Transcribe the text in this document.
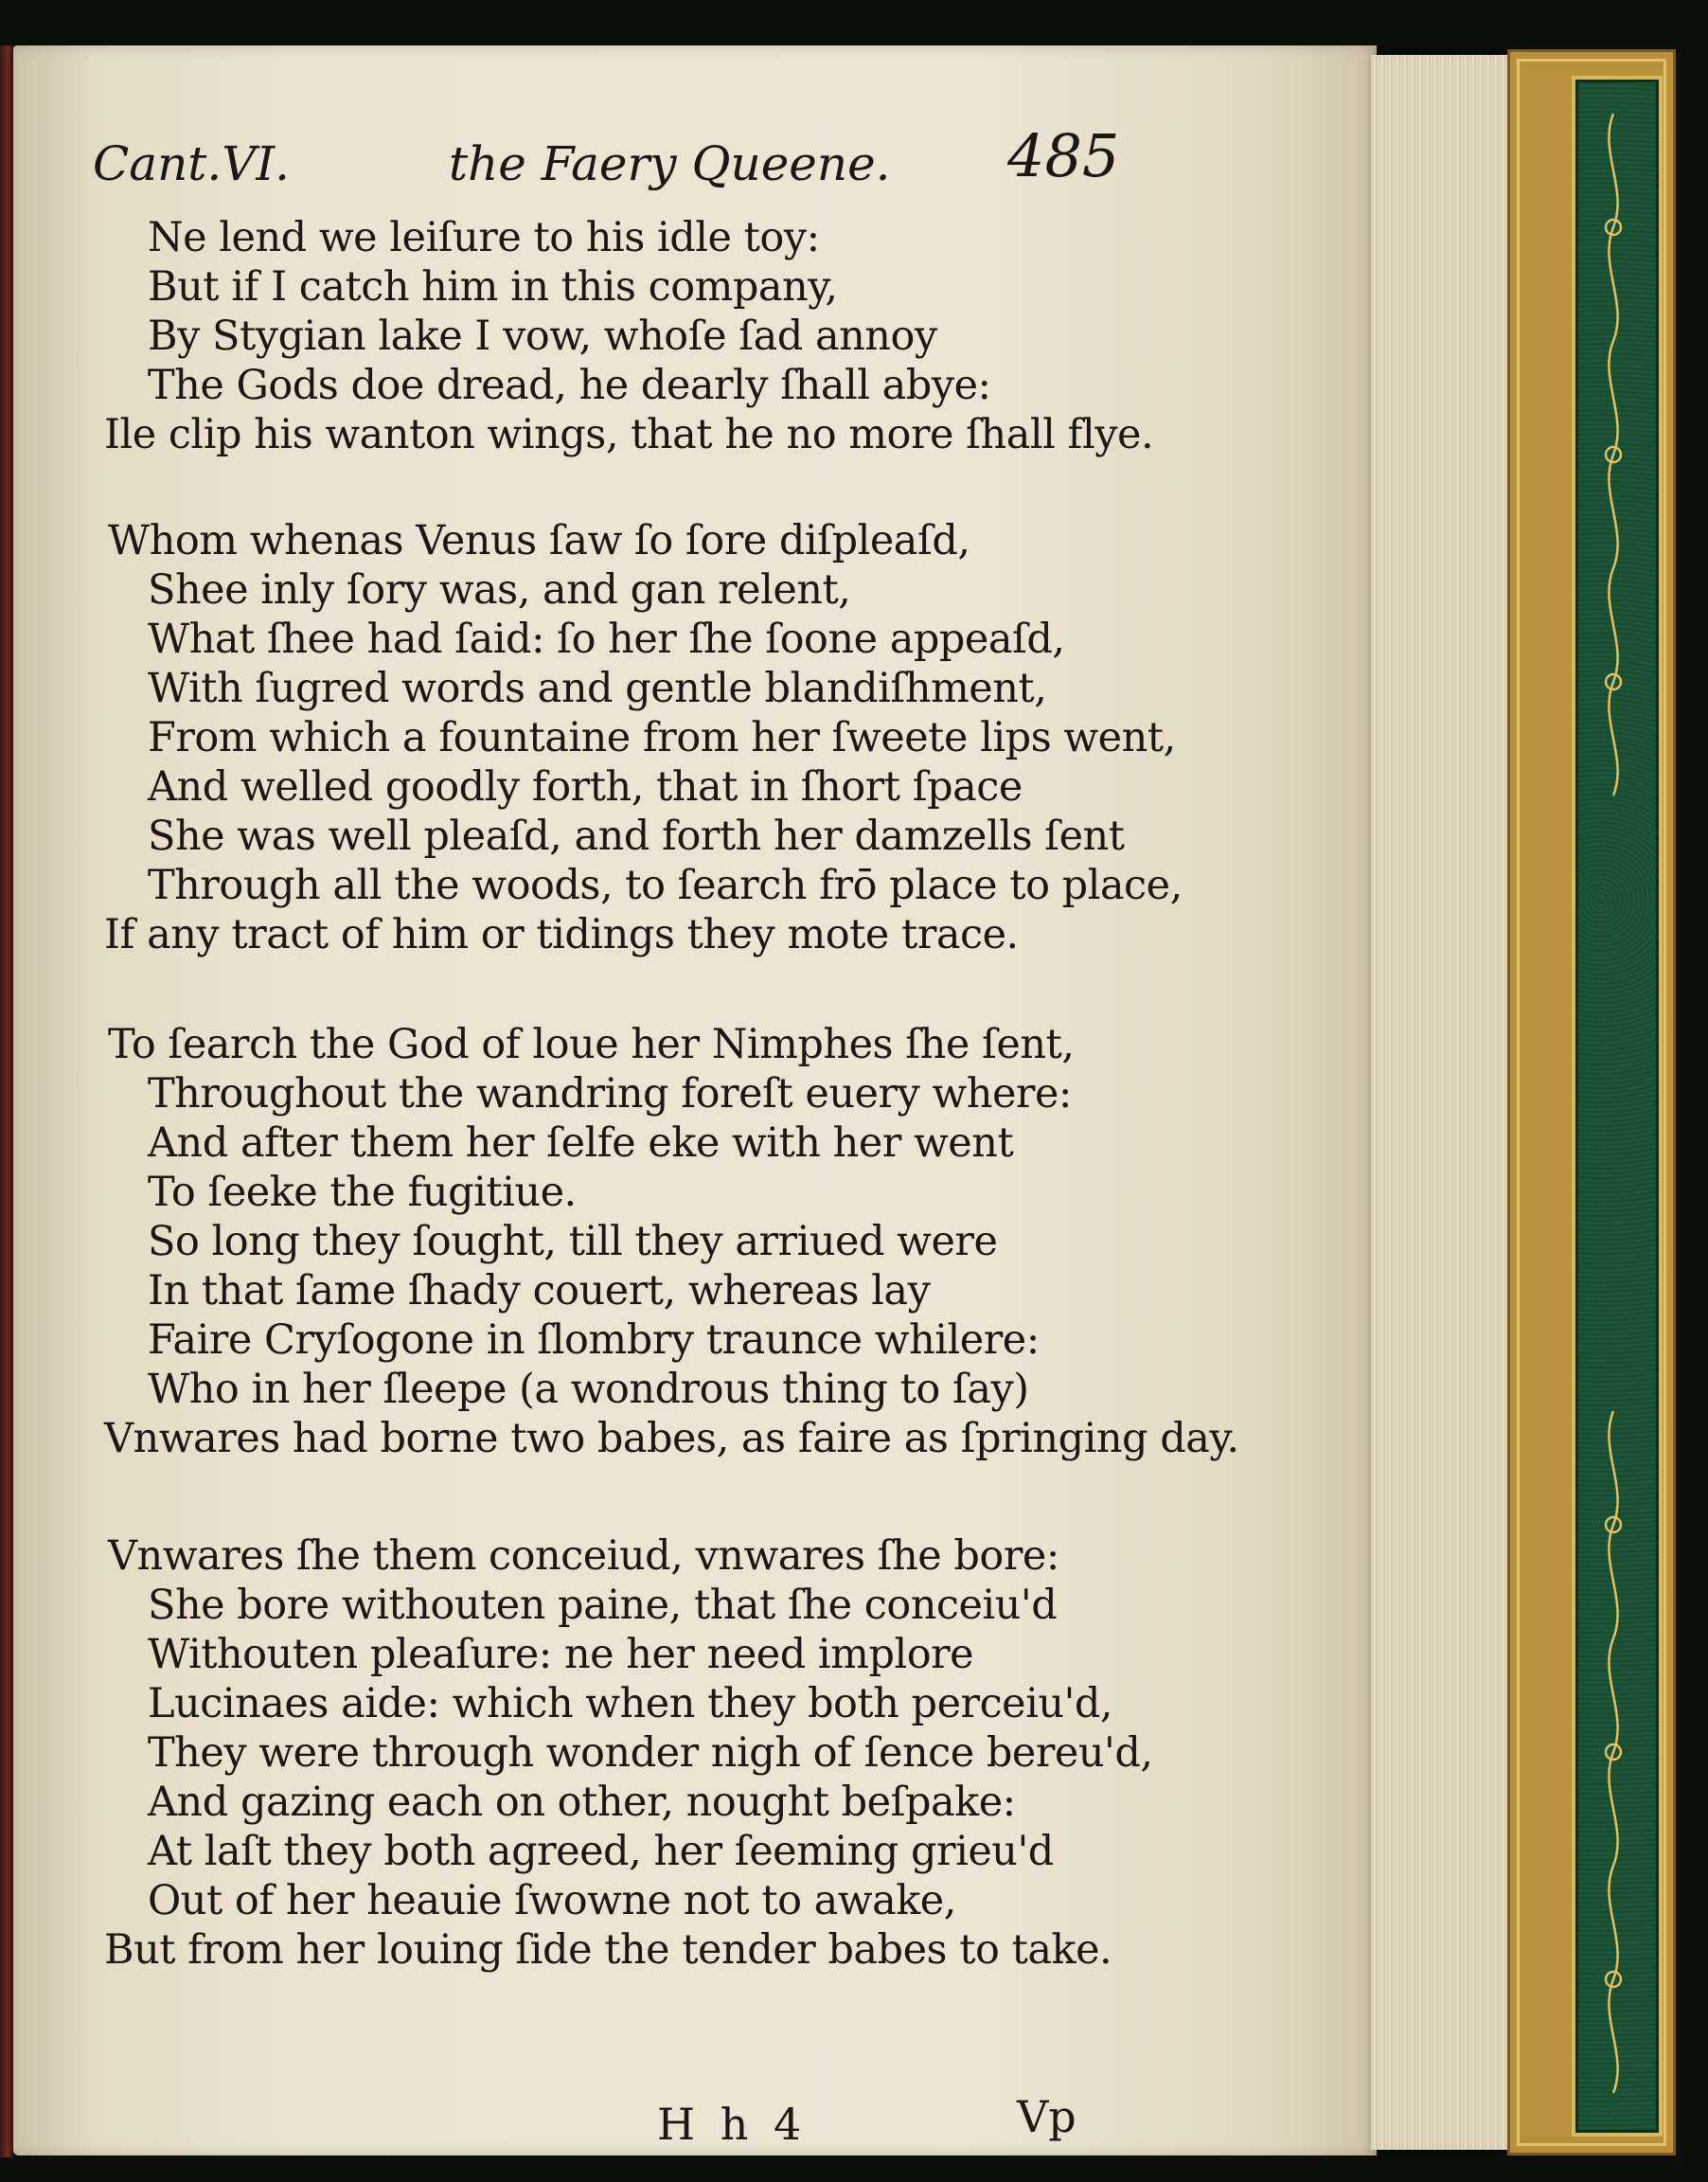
Cant.VI.	the Faery Queene. 485
Ne lend we leiſure to his idle toy:
But if I catch him in this company,
By Stygian lake I vow, whoſe ſad annoy
The Gods doe dread, he dearly ſhall abye:
Ile clip his wanton wings, that he no more ſhall flye.
Whom whenas Venus ſaw ſo ſore diſpleaſd,
Shee inly ſory was, and gan relent,
What ſhee had ſaid: ſo her ſhe ſoone appeaſd,
With ſugred words and gentle blandiſhment,
From which a fountaine from her ſweete lips went,
And welled goodly forth, that in ſhort ſpace
She was well pleaſd, and forth her damzells ſent
Through all the woods, to ſearch frō place to place,
If any tract of him or tidings they mote trace.
To ſearch the God of loue her Nimphes ſhe ſent,
Throughout the wandring foreſt euery where:
And after them her ſelfe eke with her went
To ſeeke the fugitiue.
So long they ſought, till they arriued were
In that ſame ſhady couert, whereas lay
Faire Cryſogone in ſlombry traunce whilere:
Who in her ſleepe (a wondrous thing to ſay)
Vnwares had borne two babes, as faire as ſpringing day.
Vnwares ſhe them conceiud, vnwares ſhe bore:
She bore withouten paine, that ſhe conceiu'd
Withouten pleaſure: ne her need implore
Lucinaes aide: which when they both perceiu'd,
They were through wonder nigh of ſence bereu'd,
And gazing each on other, nought beſpake:
At laſt they both agreed, her ſeeming grieu'd
Out of her heauie ſwowne not to awake,
But from her louing ſide the tender babes to take.
H h 4	Vp
